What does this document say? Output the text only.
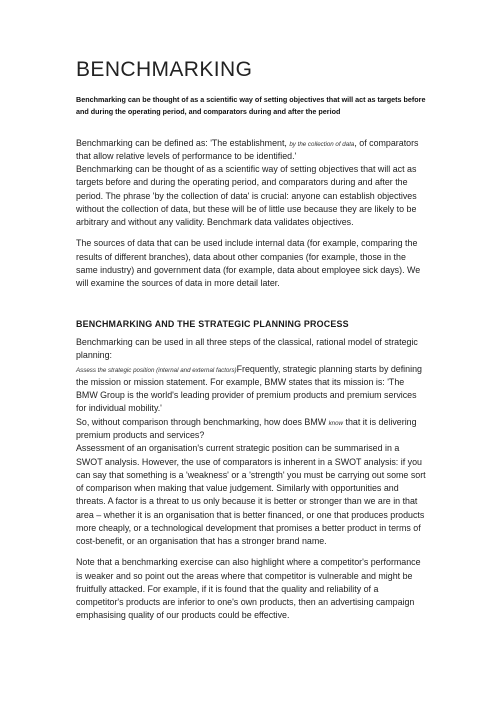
BENCHMARKING

Benchmarking can be thought of as a scientific way of setting objectives that will act as targets before and during the operating period, and comparators during and after the period

Benchmarking can be defined as: 'The establishment, by the collection of data, of comparators that allow relative levels of performance to be identified.'

Benchmarking can be thought of as a scientific way of setting objectives that will act as targets before and during the operating period, and comparators during and after the period. The phrase 'by the collection of data' is crucial: anyone can establish objectives without the collection of data, but these will be of little use because they are likely to be arbitrary and without any validity. Benchmark data validates objectives.

The sources of data that can be used include internal data (for example, comparing the results of different branches), data about other companies (for example, those in the same industry) and government data (for example, data about employee sick days). We will examine the sources of data in more detail later.

BENCHMARKING AND THE STRATEGIC PLANNING PROCESS

Benchmarking can be used in all three steps of the classical, rational model of strategic planning:

Assess the strategic position (internal and external factors)Frequently, strategic planning starts by defining the mission or mission statement. For example, BMW states that its mission is: 'The BMW Group is the world's leading provider of premium products and premium services for individual mobility.'

So, without comparison through benchmarking, how does BMW know that it is delivering premium products and services?

Assessment of an organisation's current strategic position can be summarised in a SWOT analysis. However, the use of comparators is inherent in a SWOT analysis: if you can say that something is a 'weakness' or a 'strength' you must be carrying out some sort of comparison when making that value judgement. Similarly with opportunities and threats. A factor is a threat to us only because it is better or stronger than we are in that area – whether it is an organisation that is better financed, or one that produces products more cheaply, or a technological development that promises a better product in terms of cost-benefit, or an organisation that has a stronger brand name.

Note that a benchmarking exercise can also highlight where a competitor's performance is weaker and so point out the areas where that competitor is vulnerable and might be fruitfully attacked. For example, if it is found that the quality and reliability of a competitor's products are inferior to one's own products, then an advertising campaign emphasising quality of our products could be effective.
